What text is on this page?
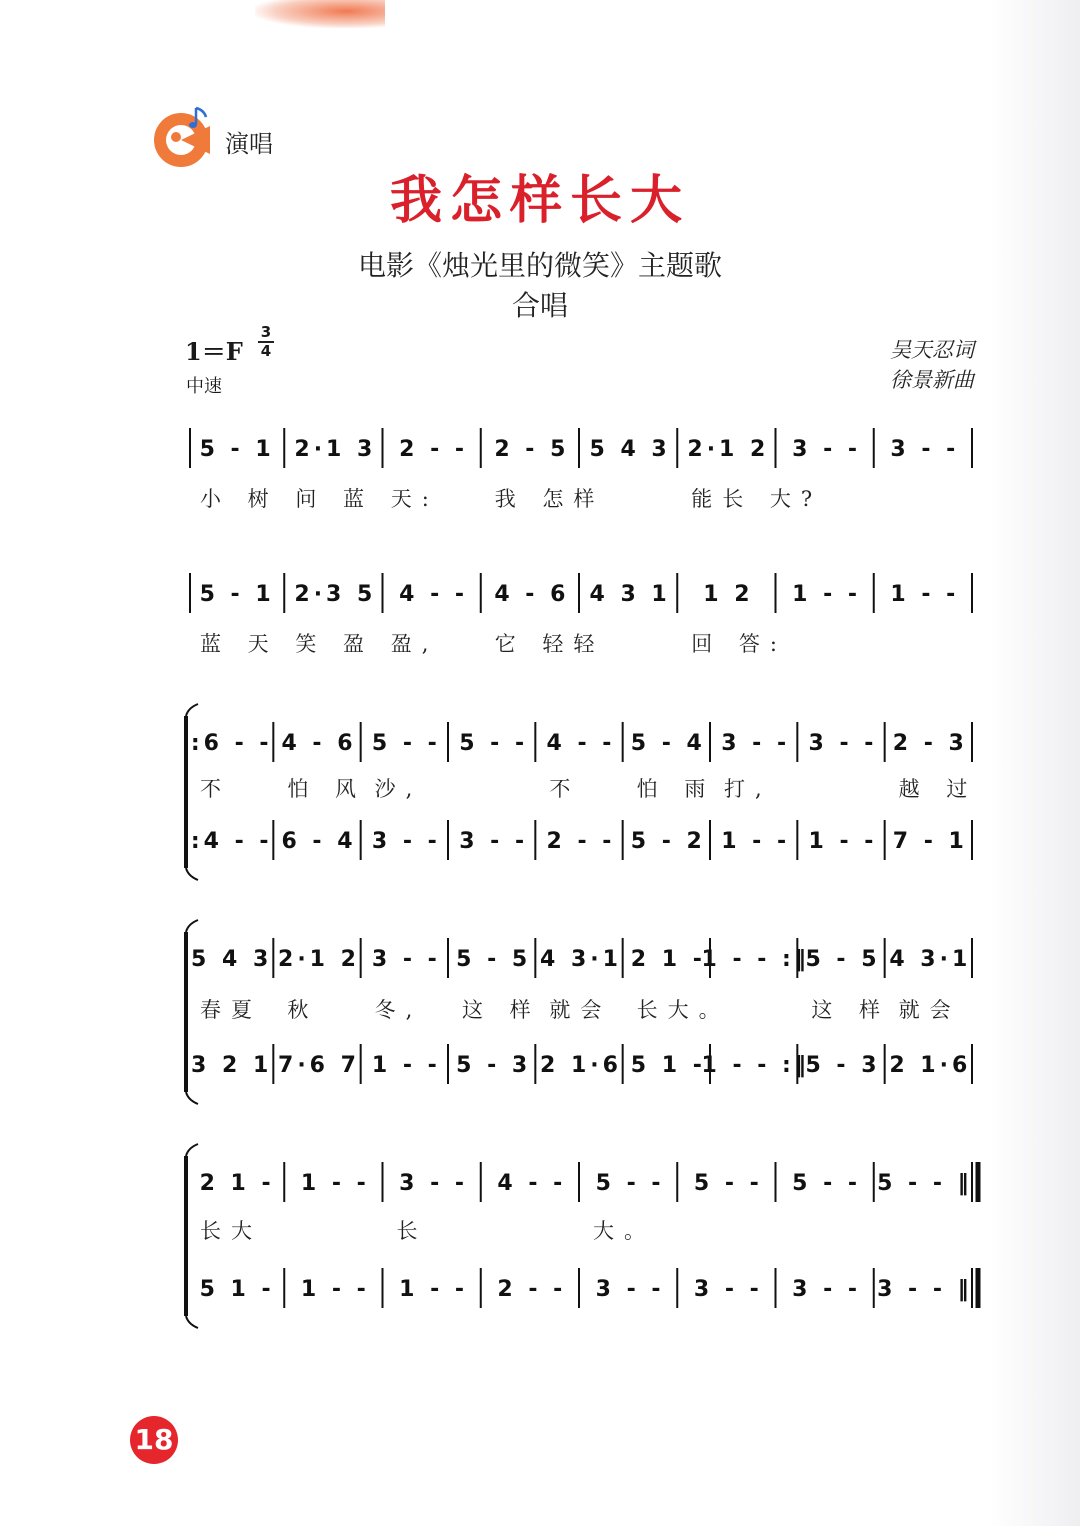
演唱
我怎样长大
电影《烛光里的微笑》主题歌
合唱
1＝F
3
4
中速
吴天忍词
徐景新曲
5 - 1 2·1 3 2 - - 2 - 5 5 4 3 2·1 2 3 - - 3 - -
小 树 问 蓝 天:	我 怎样	能长 大?
5 - 1 2·3 5 4 - - 4 - 6 4 3 1 1 2 1 - - 1 - -
蓝 天 笑 盈 盈,	它 轻轻	回 答:
:6 - - 4 - 6 5 - - 5 - - 4 - - 5 - 4 3 - - 3 - - 2 - 3
不	怕 风 沙,	不	怕 雨 打,	越 过
:4 - - 6 - 4 3 - - 3 - - 2 - - 5 - 2 1 - - 1 - - 7 - 1
5 4 3 2·1 2 3 - - 5 - 5 4 3·1 2 1 -
1 - - :‖
5 - 5 4 3·1
春夏 秋	冬, 这 样 就会 长大。	这 样 就会
3 2 1 7·6 7 1 - - 5 - 3 2 1·6 5 1 -
1 - - :‖
5 - 3 2 1·6
2 1 - 1 - - 3 - - 4 - - 5 - - 5 - - 5 - - 5 - - ‖
长大	长	大。
5 1 - 1 - - 1 - - 2 - - 3 - - 3 - - 3 - - 3 - - ‖
18
